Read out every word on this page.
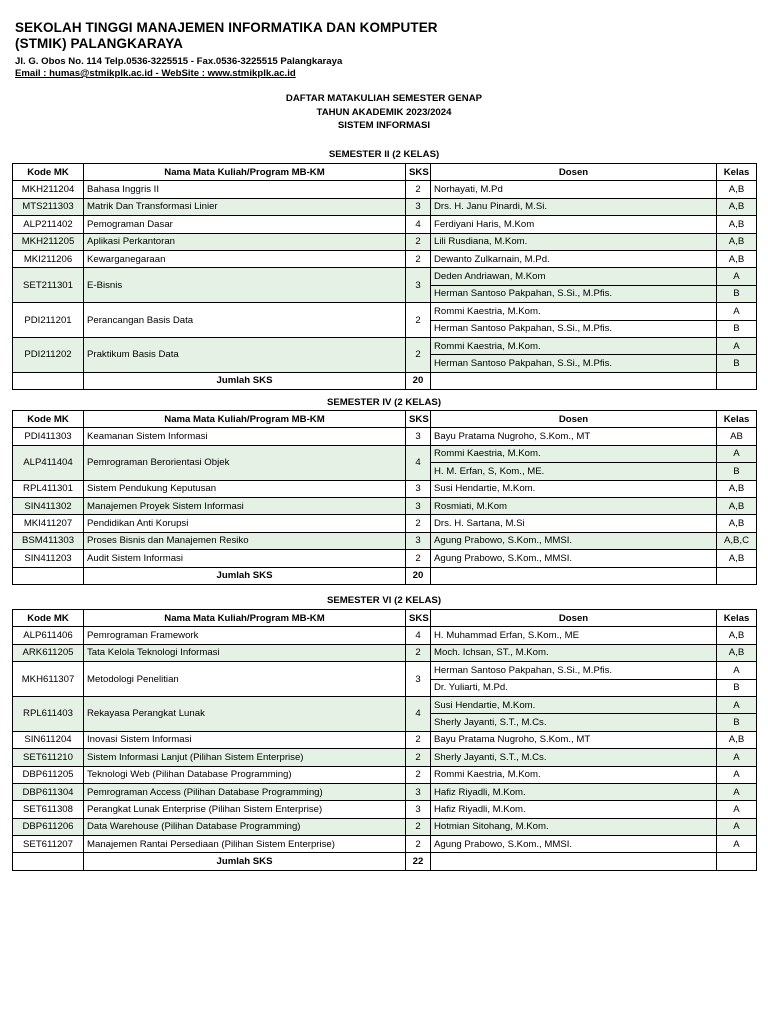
SEKOLAH TINGGI MANAJEMEN INFORMATIKA DAN KOMPUTER
(STMIK) PALANGKARAYA
Jl. G. Obos No. 114 Telp.0536-3225515 - Fax.0536-3225515 Palangkaraya
Email : humas@stmikplk.ac.id - WebSite : www.stmikplk.ac.id
DAFTAR MATAKULIAH SEMESTER GENAP
TAHUN AKADEMIK 2023/2024
SISTEM INFORMASI
SEMESTER II (2 KELAS)
Kode MK	Nama Mata Kuliah/Program MB-KM	SKS	Dosen	Kelas
MKH211204	Bahasa Inggris II	2	Norhayati, M.Pd	A,B
MTS211303	Matrik Dan Transformasi Linier	3	Drs. H. Janu Pinardi, M.Si.	A,B
ALP211402	Pemograman Dasar	4	Ferdiyani Haris, M.Kom	A,B
MKH211205	Aplikasi Perkantoran	2	Lili Rusdiana, M.Kom.	A,B
MKI211206	Kewarganegaraan	2	Dewanto Zulkarnain, M.Pd.	A,B
SET211301	E-Bisnis	3	Deden Andriawan, M.Kom	A
			Herman Santoso Pakpahan, S.Si., M.Pfis.	B
PDI211201	Perancangan Basis Data	2	Rommi Kaestria, M.Kom.	A
			Herman Santoso Pakpahan, S.Si., M.Pfis.	B
PDI211202	Praktikum Basis Data	2	Rommi Kaestria, M.Kom.	A
			Herman Santoso Pakpahan, S.Si., M.Pfis.	B
	Jumlah SKS	20		
SEMESTER IV (2 KELAS)
Kode MK	Nama Mata Kuliah/Program MB-KM	SKS	Dosen	Kelas
PDI411303	Keamanan Sistem Informasi	3	Bayu Pratama Nugroho, S.Kom., MT	AB
ALP411404	Pemrograman Berorientasi Objek	4	Rommi Kaestria, M.Kom.	A
			H. M. Erfan, S, Kom., ME.	B
RPL411301	Sistem Pendukung Keputusan	3	Susi Hendartie, M.Kom.	A,B
SIN411302	Manajemen Proyek Sistem Informasi	3	Rosmiati, M.Kom	A,B
MKI411207	Pendidikan Anti Korupsi	2	Drs. H. Sartana, M.Si	A,B
BSM411303	Proses Bisnis dan Manajemen Resiko	3	Agung Prabowo, S.Kom., MMSI.	A,B,C
SIN411203	Audit Sistem Informasi	2	Agung Prabowo, S.Kom., MMSI.	A,B
	Jumlah SKS	20		
SEMESTER VI (2 KELAS)
Kode MK	Nama Mata Kuliah/Program MB-KM	SKS	Dosen	Kelas
ALP611406	Pemrograman Framework	4	H. Muhammad Erfan, S.Kom., ME	A,B
ARK611205	Tata Kelola Teknologi Informasi	2	Moch. Ichsan, ST., M.Kom.	A,B
MKH611307	Metodologi Penelitian	3	Herman Santoso Pakpahan, S.Si., M.Pfis.	A
			Dr. Yuliarti, M.Pd.	B
RPL611403	Rekayasa Perangkat Lunak	4	Susi Hendartie, M.Kom.	A
			Sherly Jayanti, S.T., M.Cs.	B
SIN611204	Inovasi Sistem Informasi	2	Bayu Pratama Nugroho, S.Kom., MT	A,B
SET611210	Sistem Informasi Lanjut (Pilihan Sistem Enterprise)	2	Sherly Jayanti, S.T., M.Cs.	A
DBP611205	Teknologi Web (Pilihan Database Programming)	2	Rommi Kaestria, M.Kom.	A
DBP611304	Pemrograman Access (Pilihan Database Programming)	3	Hafiz Riyadli, M.Kom.	A
SET611308	Perangkat Lunak Enterprise (Pilihan Sistem Enterprise)	3	Hafiz Riyadli, M.Kom.	A
DBP611206	Data Warehouse (Pilihan Database Programming)	2	Hotmian Sitohang, M.Kom.	A
SET611207	Manajemen Rantai Persediaan (Pilihan Sistem Enterprise)	2	Agung Prabowo, S.Kom., MMSI.	A
	Jumlah SKS	22		
